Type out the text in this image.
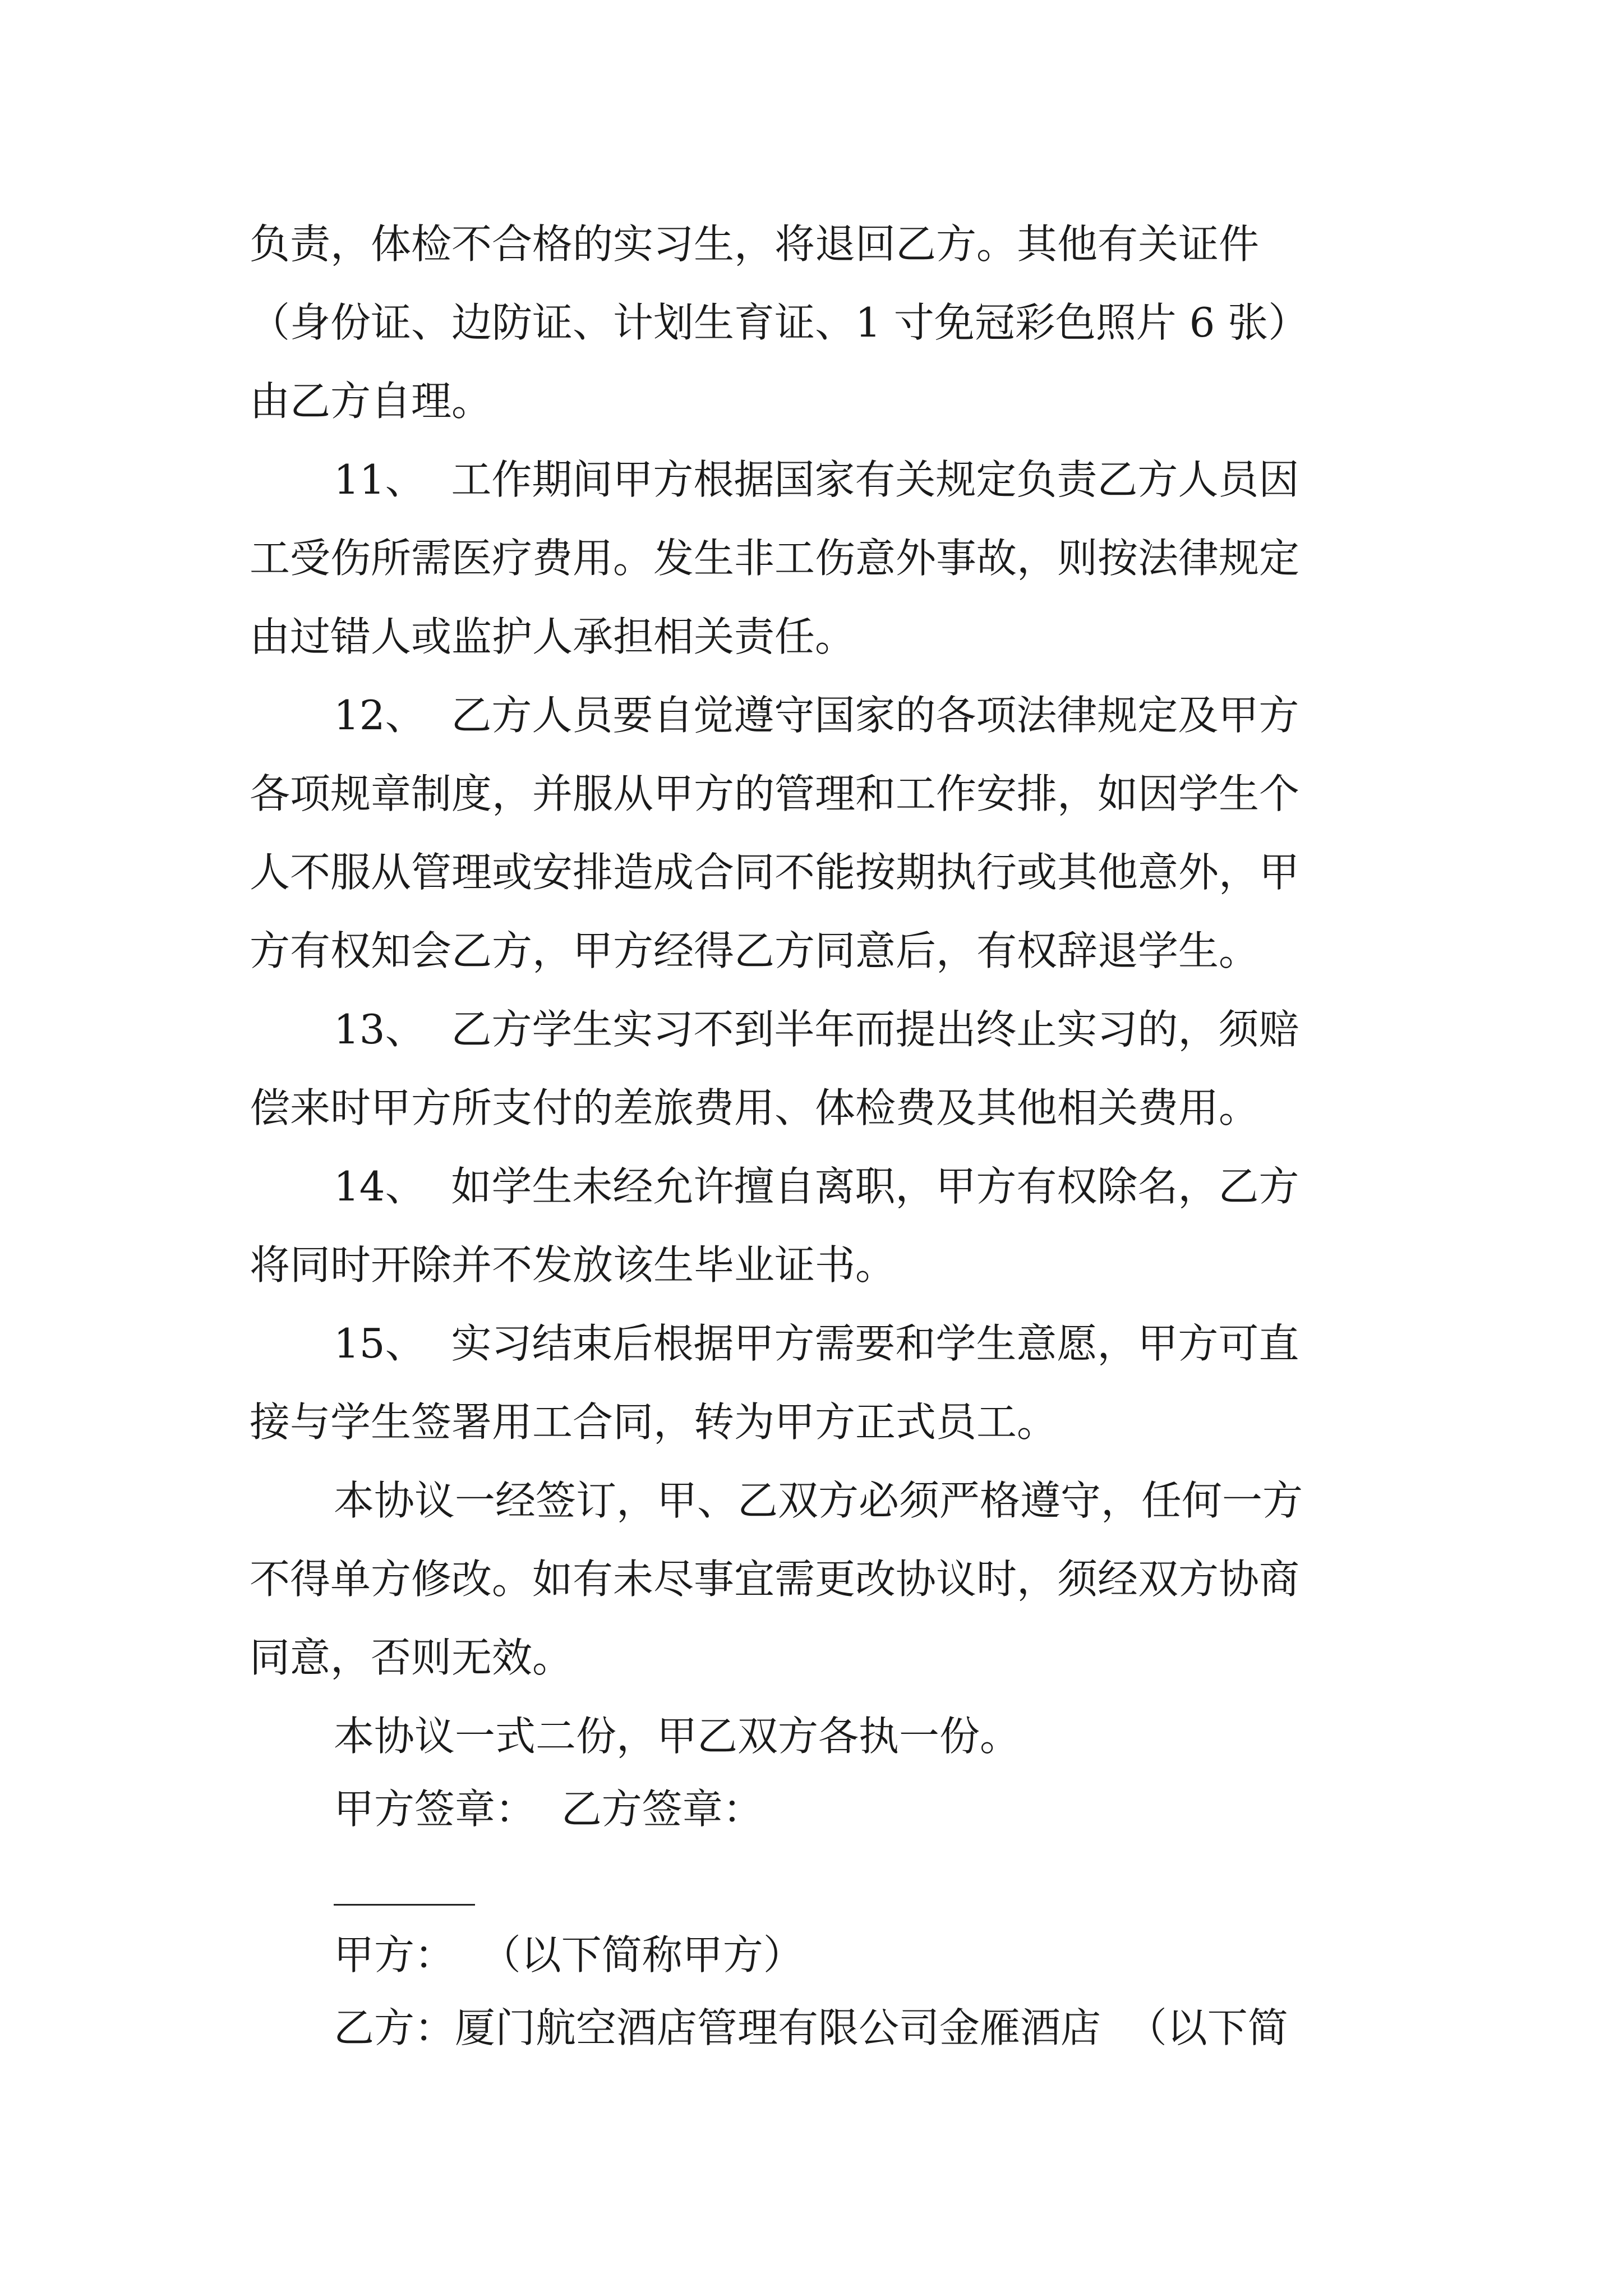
负责，体检不合格的实习生，将退回乙方。其他有关证件
（身份证、边防证、计划生育证、1 寸免冠彩色照片 6 张）
由乙方自理。
11、  工作期间甲方根据国家有关规定负责乙方人员因
工受伤所需医疗费用。发生非工伤意外事故，则按法律规定
由过错人或监护人承担相关责任。
12、  乙方人员要自觉遵守国家的各项法律规定及甲方
各项规章制度，并服从甲方的管理和工作安排，如因学生个
人不服从管理或安排造成合同不能按期执行或其他意外，甲
方有权知会乙方，甲方经得乙方同意后，有权辞退学生。
13、  乙方学生实习不到半年而提出终止实习的，须赔
偿来时甲方所支付的差旅费用、体检费及其他相关费用。
14、  如学生未经允许擅自离职，甲方有权除名，乙方
将同时开除并不发放该生毕业证书。
15、  实习结束后根据甲方需要和学生意愿，甲方可直
接与学生签署用工合同，转为甲方正式员工。
本协议一经签订，甲、乙双方必须严格遵守，任何一方
不得单方修改。如有未尽事宜需更改协议时，须经双方协商
同意，否则无效。
本协议一式二份，甲乙双方各执一份。
甲方签章：  乙方签章：
_______
甲方：  （以下简称甲方）
乙方：厦门航空酒店管理有限公司金雁酒店  （以下简
